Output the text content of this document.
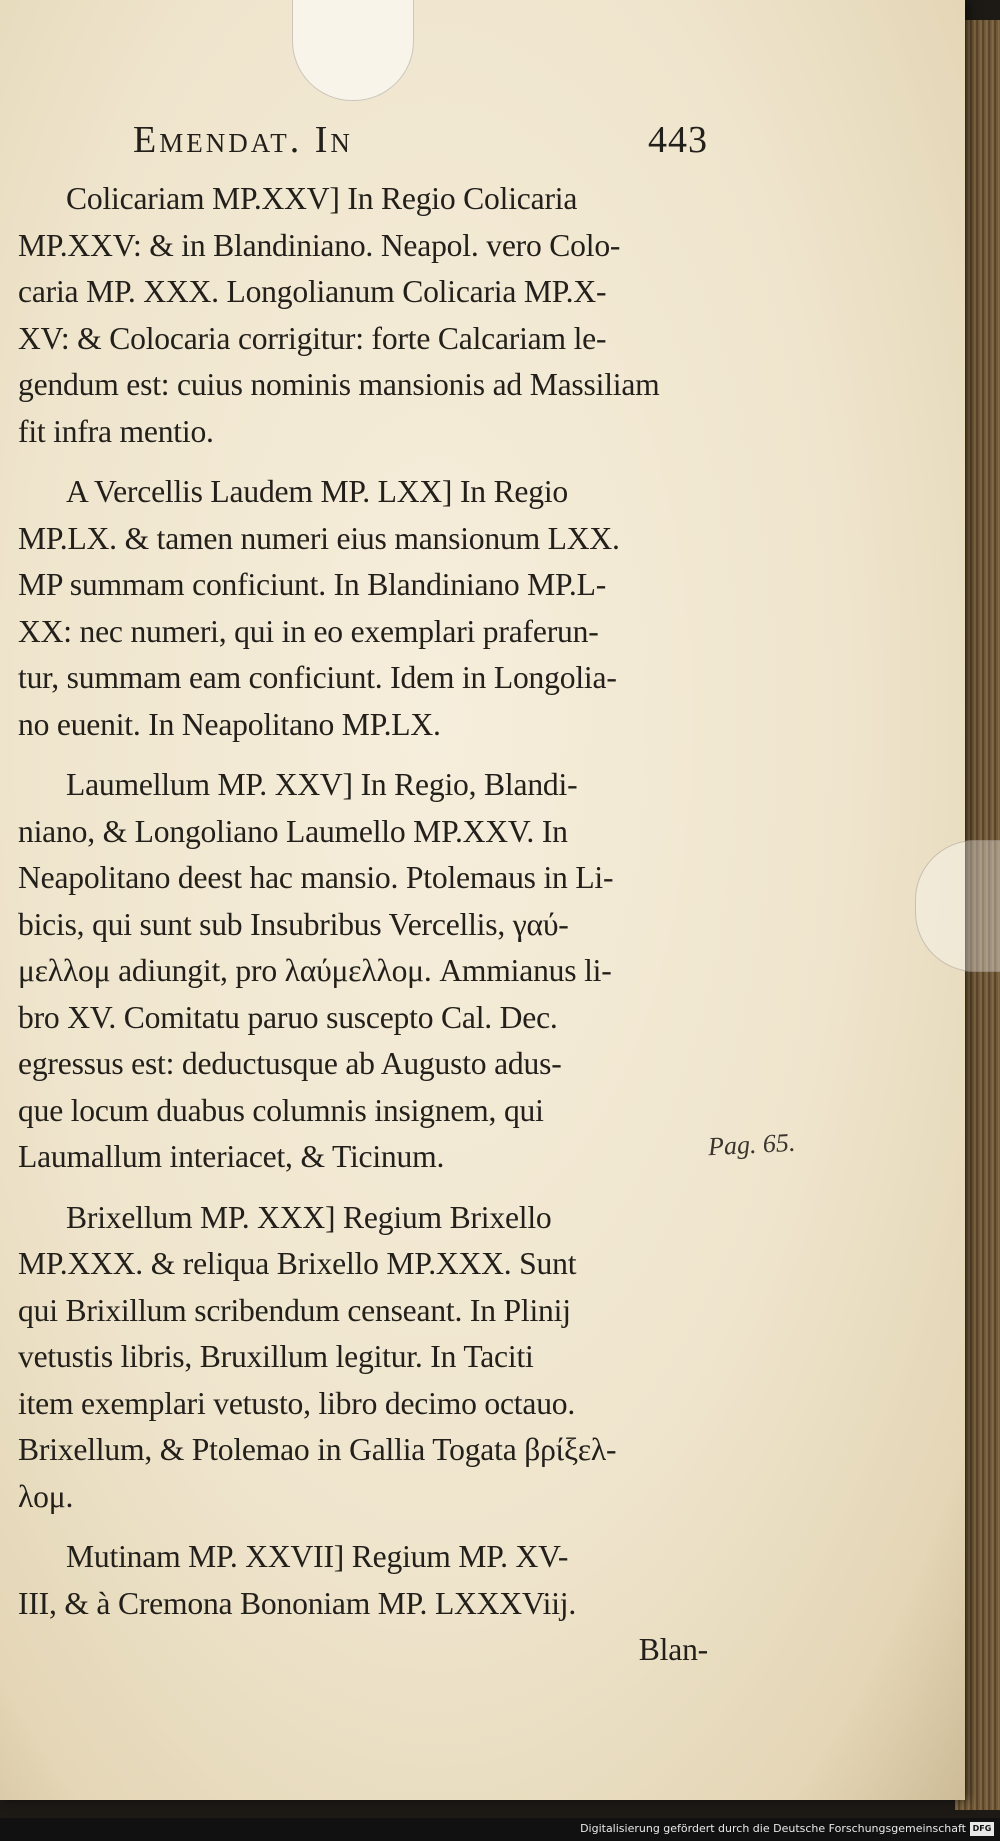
Emendat. In	443
Colicariam MP.XXV] In Regio Colicaria
MP.XXV: & in Blandiniano. Neapol. vero Colo-
caria MP. XXX. Longolianum Colicaria MP.X-
XV: & Colocaria corrigitur: forte Calcariam le-
gendum est: cuius nominis mansionis ad Massiliam
fit infra mentio.
A Vercellis Laudem MP. LXX] In Regio
MP.LX. & tamen numeri eius mansionum LXX.
MP summam conficiunt. In Blandiniano MP.L-
XX: nec numeri, qui in eo exemplari praferun-
tur, summam eam conficiunt. Idem in Longolia-
no euenit. In Neapolitano MP.LX.
Laumellum MP. XXV] In Regio, Blandi-
niano, & Longoliano Laumello MP.XXV. In
Neapolitano deest hac mansio. Ptolemaus in Li-
bicis, qui sunt sub Insubribus Vercellis, γαύ-
μελλομ adiungit, pro λαύμελλομ. Ammianus li-
bro XV. Comitatu paruo suscepto Cal. Dec.
egressus est: deductusque ab Augusto adus-
que locum duabus columnis insignem, qui
Laumallum interiacet, & Ticinum.
Brixellum MP. XXX] Regium Brixello
MP.XXX. & reliqua Brixello MP.XXX. Sunt
qui Brixillum scribendum censeant. In Plinij
vetustis libris, Bruxillum legitur. In Taciti
item exemplari vetusto, libro decimo octauo.
Brixellum, & Ptolemao in Gallia Togata βρίξελ-
λομ.
Mutinam MP. XXVII] Regium MP. XV-
III, & à Cremona Bononiam MP. LXXXViij.
Blan-
Pag. 65.
Digitalisierung gefördert durch die Deutsche Forschungsgemeinschaft DFG
